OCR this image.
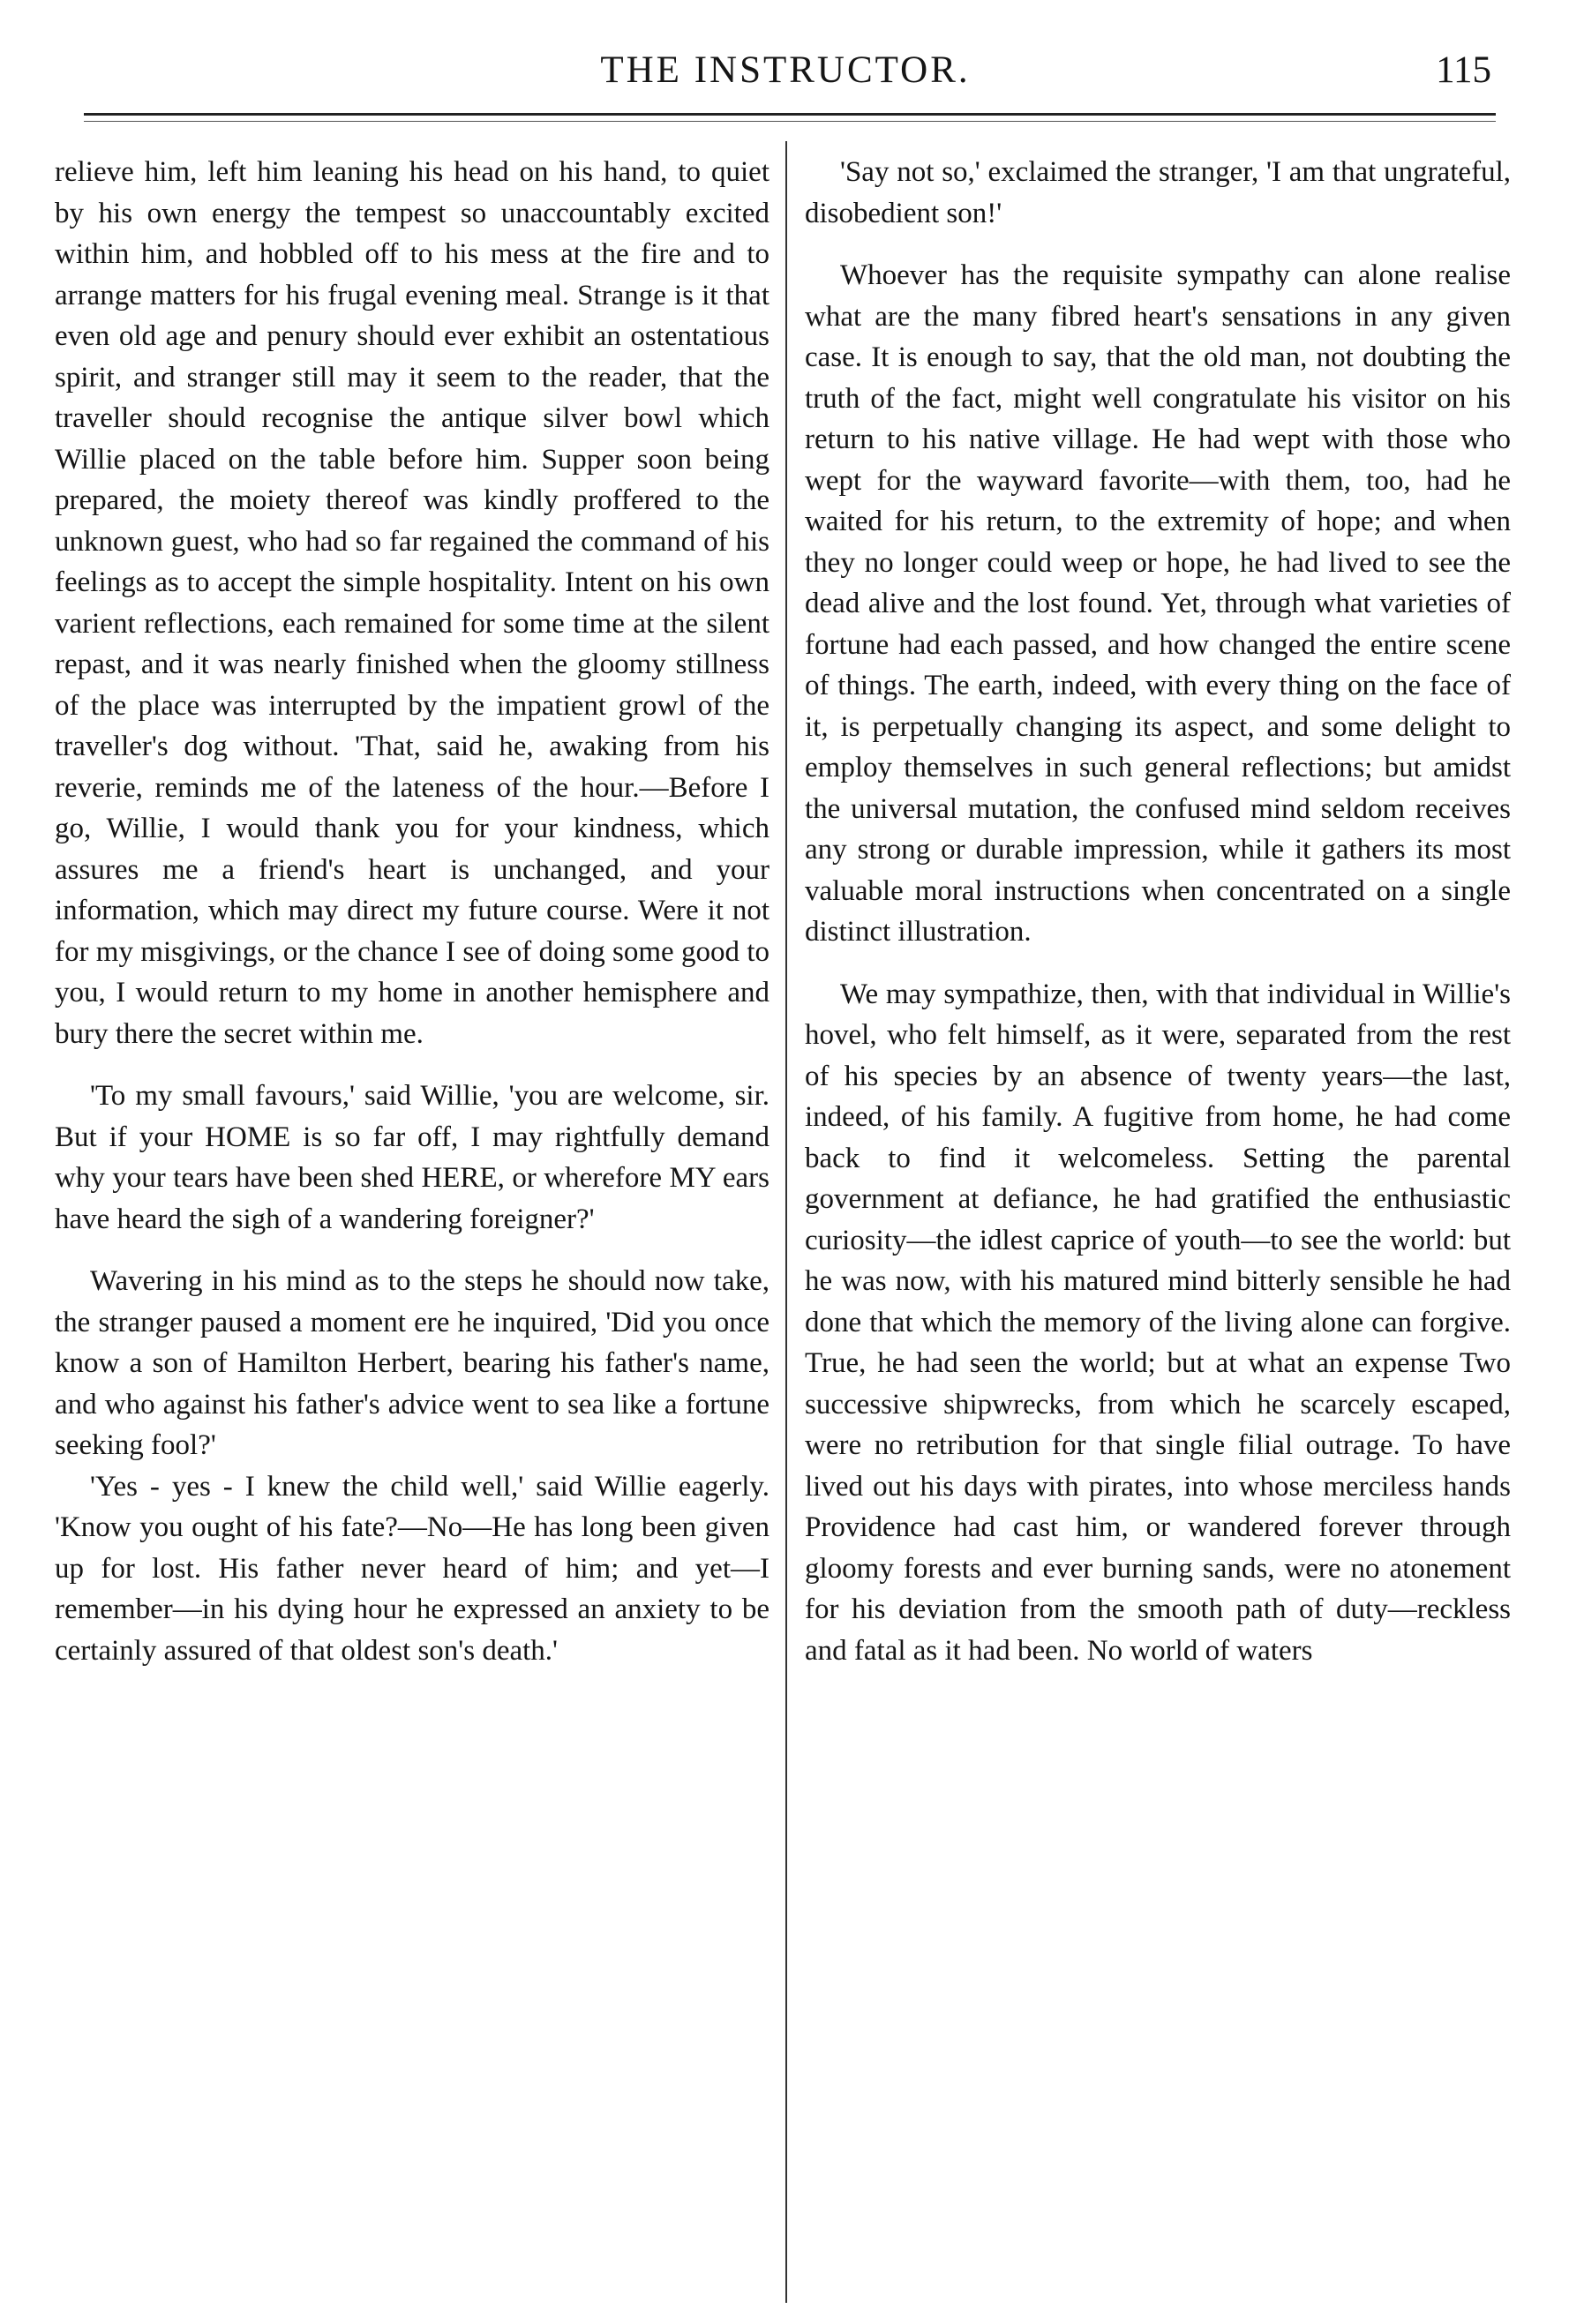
THE INSTRUCTOR.	115

relieve him, left him leaning his head on his hand, to quiet by his own energy the tempest so unaccountably excited within him, and hobbled off to his mess at the fire and to arrange matters for his frugal evening meal. Strange is it that even old age and penury should ever exhibit an ostentatious spirit, and stranger still may it seem to the reader, that the traveller should recognise the antique silver bowl which Willie placed on the table before him. Supper soon being prepared, the moiety thereof was kindly proffered to the unknown guest, who had so far regained the command of his feelings as to accept the simple hospitality. Intent on his own varient reflections, each remained for some time at the silent repast, and it was nearly finished when the gloomy stillness of the place was interrupted by the impatient growl of the traveller's dog without. 'That, said he, awaking from his reverie, reminds me of the lateness of the hour.—Before I go, Willie, I would thank you for your kindness, which assures me a friend's heart is unchanged, and your information, which may direct my future course. Were it not for my misgivings, or the chance I see of doing some good to you, I would return to my home in another hemisphere and bury there the secret within me.

'To my small favours,' said Willie, 'you are welcome, sir. But if your HOME is so far off, I may rightfully demand why your tears have been shed HERE, or wherefore MY ears have heard the sigh of a wandering foreigner?'

Wavering in his mind as to the steps he should now take, the stranger paused a moment ere he inquired, 'Did you once know a son of Hamilton Herbert, bearing his father's name, and who against his father's advice went to sea like a fortune seeking fool?'

'Yes - yes - I knew the child well,' said Willie eagerly. 'Know you ought of his fate?—No—He has long been given up for lost. His father never heard of him; and yet—I remember—in his dying hour he expressed an anxiety to be certainly assured of that oldest son's death.'

'Say not so,' exclaimed the stranger, 'I am that ungrateful, disobedient son!'

Whoever has the requisite sympathy can alone realise what are the many fibred heart's sensations in any given case. It is enough to say, that the old man, not doubting the truth of the fact, might well congratulate his visitor on his return to his native village. He had wept with those who wept for the wayward favorite—with them, too, had he waited for his return, to the extremity of hope; and when they no longer could weep or hope, he had lived to see the dead alive and the lost found. Yet, through what varieties of fortune had each passed, and how changed the entire scene of things. The earth, indeed, with every thing on the face of it, is perpetually changing its aspect, and some delight to employ themselves in such general reflections; but amidst the universal mutation, the confused mind seldom receives any strong or durable impression, while it gathers its most valuable moral instructions when concentrated on a single distinct illustration.

We may sympathize, then, with that individual in Willie's hovel, who felt himself, as it were, separated from the rest of his species by an absence of twenty years—the last, indeed, of his family. A fugitive from home, he had come back to find it welcomeless. Setting the parental government at defiance, he had gratified the enthusiastic curiosity—the idlest caprice of youth—to see the world: but he was now, with his matured mind bitterly sensible he had done that which the memory of the living alone can forgive. True, he had seen the world; but at what an expense Two successive shipwrecks, from which he scarcely escaped, were no retribution for that single filial outrage. To have lived out his days with pirates, into whose merciless hands Providence had cast him, or wandered forever through gloomy forests and ever burning sands, were no atonement for his deviation from the smooth path of duty—reckless and fatal as it had been. No world of waters
